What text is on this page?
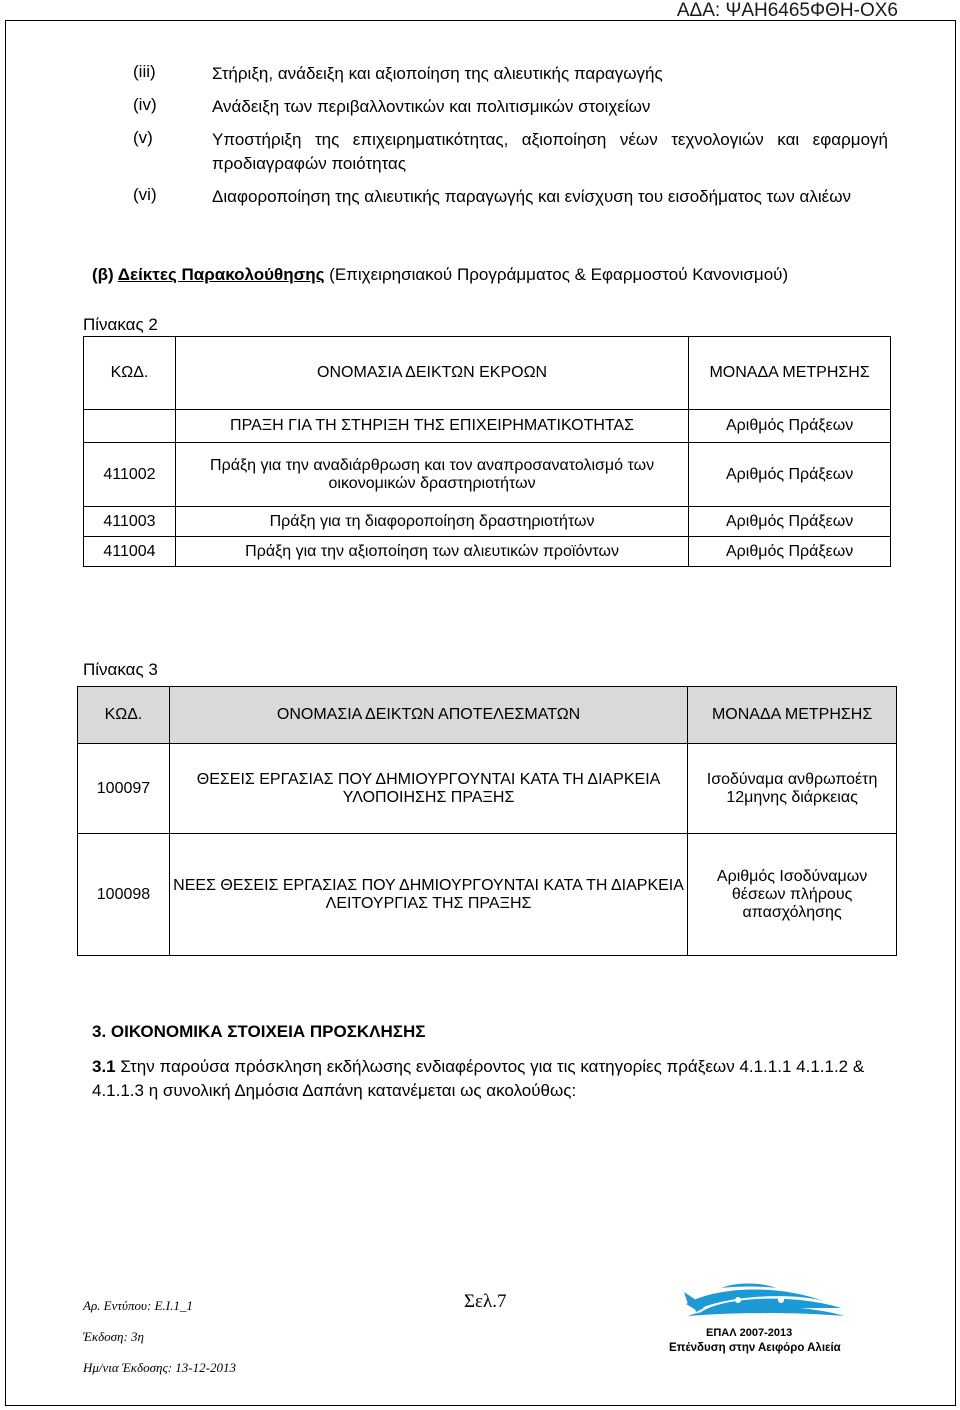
ΑΔΑ: ΨΑΗ6465ΦΘΗ-ΟΧ6
(iii)	Στήριξη, ανάδειξη και αξιοποίηση της αλιευτικής παραγωγής
(iv)	Ανάδειξη των περιβαλλοντικών και πολιτισμικών στοιχείων
(v)	Υποστήριξη της επιχειρηματικότητας, αξιοποίηση νέων τεχνολογιών και εφαρμογή προδιαγραφών ποιότητας
(vi)	Διαφοροποίηση της αλιευτικής παραγωγής και ενίσχυση του εισοδήματος των αλιέων
(β) Δείκτες Παρακολούθησης (Επιχειρησιακού Προγράμματος & Εφαρμοστού Κανονισμού)
Πίνακας 2
ΚΩΔ.	ΟΝΟΜΑΣΙΑ ΔΕΙΚΤΩΝ ΕΚΡΟΩΝ	ΜΟΝΑΔΑ ΜΕΤΡΗΣΗΣ
	ΠΡΑΞΗ ΓΙΑ ΤΗ ΣΤΗΡΙΞΗ ΤΗΣ ΕΠΙΧΕΙΡΗΜΑΤΙΚΟΤΗΤΑΣ	Αριθμός Πράξεων
411002	Πράξη για την αναδιάρθρωση και τον αναπροσανατολισμό των οικονομικών δραστηριοτήτων	Αριθμός Πράξεων
411003	Πράξη για τη διαφοροποίηση δραστηριοτήτων	Αριθμός Πράξεων
411004	Πράξη για την αξιοποίηση των αλιευτικών προϊόντων	Αριθμός Πράξεων
Πίνακας 3
ΚΩΔ.	ΟΝΟΜΑΣΙΑ ΔΕΙΚΤΩΝ ΑΠΟΤΕΛΕΣΜΑΤΩΝ	ΜΟΝΑΔΑ ΜΕΤΡΗΣΗΣ
100097	ΘΕΣΕΙΣ ΕΡΓΑΣΙΑΣ ΠΟΥ ΔΗΜΙΟΥΡΓΟΥΝΤΑΙ ΚΑΤΑ ΤΗ ΔΙΑΡΚΕΙΑ ΥΛΟΠΟΙΗΣΗΣ ΠΡΑΞΗΣ	Ισοδύναμα ανθρωποέτη 12μηνης διάρκειας
100098	ΝΕΕΣ ΘΕΣΕΙΣ ΕΡΓΑΣΙΑΣ ΠΟΥ ΔΗΜΙΟΥΡΓΟΥΝΤΑΙ ΚΑΤΑ ΤΗ ΔΙΑΡΚΕΙΑ ΛΕΙΤΟΥΡΓΙΑΣ ΤΗΣ ΠΡΑΞΗΣ	Αριθμός Ισοδύναμων θέσεων πλήρους απασχόλησης
3. ΟΙΚΟΝΟΜΙΚΑ ΣΤΟΙΧΕΙΑ ΠΡΟΣΚΛΗΣΗΣ
3.1 Στην παρούσα πρόσκληση εκδήλωσης ενδιαφέροντος για τις κατηγορίες πράξεων 4.1.1.1 4.1.1.2 & 4.1.1.3 η συνολική Δημόσια Δαπάνη κατανέμεται ως ακολούθως:
Αρ. Εντύπου: Ε.Ι.1_1
Έκδοση: 3η
Ημ/νια Έκδοσης: 13-12-2013
Σελ.7
ΕΠΑΛ 2007-2013
Επένδυση στην Αειφόρο Αλιεία
